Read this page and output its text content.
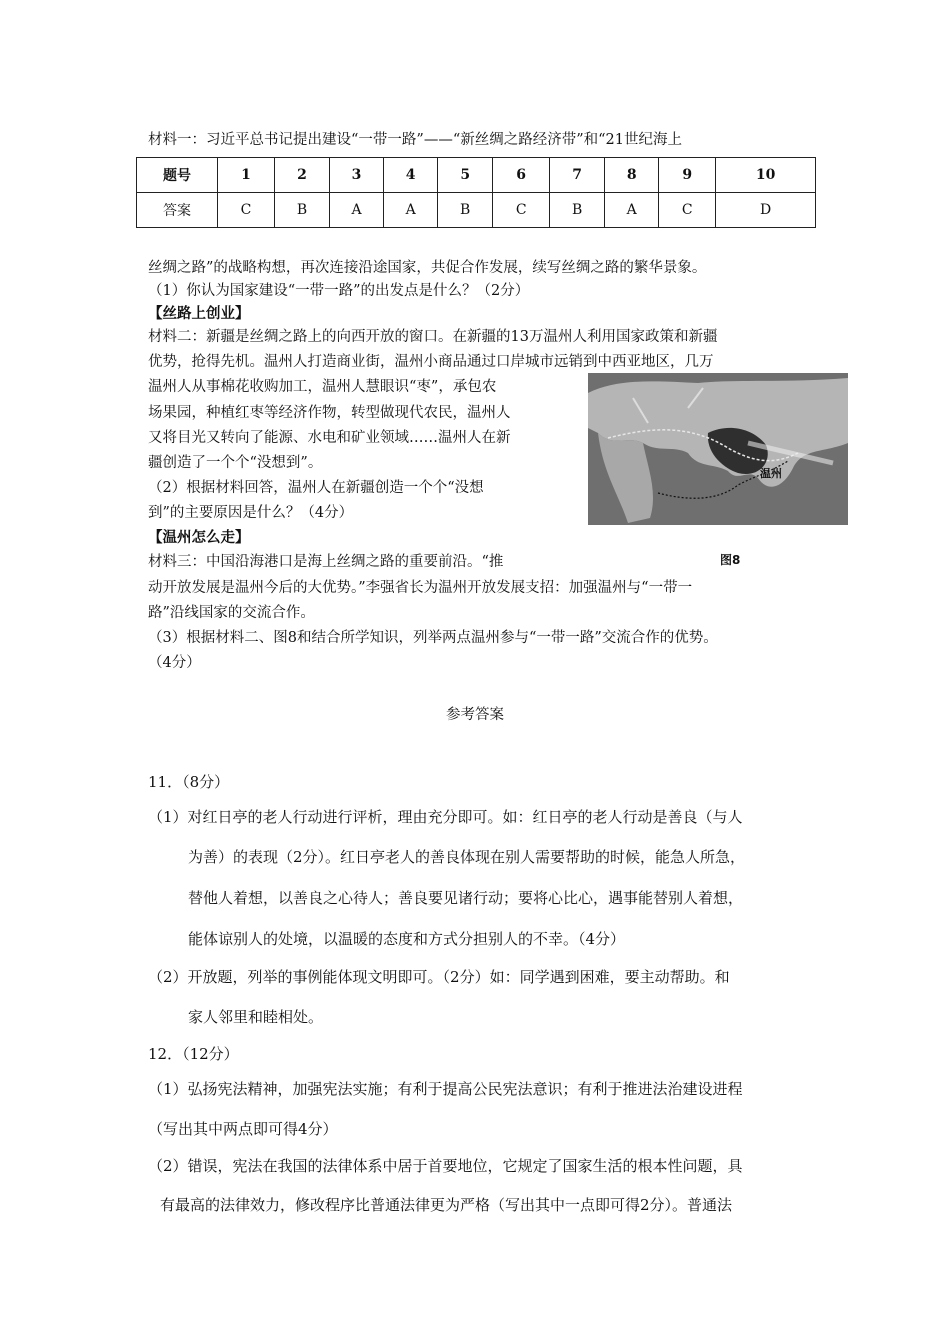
材料一：习近平总书记提出建设“一带一路”——“新丝绸之路经济带”和“21世纪海上
题号	1	2	3	4	5	6	7	8	9	10
答案	C	B	A	A	B	C	B	A	C	D
丝绸之路”的战略构想，再次连接沿途国家，共促合作发展，续写丝绸之路的繁华景象。
（1）你认为国家建设“一带一路”的出发点是什么？（2分）
【丝路上创业】
材料二：新疆是丝绸之路上的向西开放的窗口。在新疆的13万温州人利用国家政策和新疆
优势，抢得先机。温州人打造商业街，温州小商品通过口岸城市远销到中西亚地区，几万
温州人从事棉花收购加工，温州人慧眼识“枣”，承包农
场果园，种植红枣等经济作物，转型做现代农民，温州人
又将目光又转向了能源、水电和矿业领域……温州人在新
疆创造了一个个“没想到”。
（2）根据材料回答，温州人在新疆创造一个个“没想
到”的主要原因是什么？（4分）
【温州怎么走】
材料三：中国沿海港口是海上丝绸之路的重要前沿。“推
动开放发展是温州今后的大优势。”李强省长为温州开放发展支招：加强温州与“一带一
路”沿线国家的交流合作。
（3）根据材料二、图8和结合所学知识，列举两点温州参与“一带一路”交流合作的优势。
（4分）
温州
图8
参考答案
11．（8分）
（1）对红日亭的老人行动进行评析，理由充分即可。如：红日亭的老人行动是善良（与人
为善）的表现（2分）。红日亭老人的善良体现在别人需要帮助的时候，能急人所急，
替他人着想，以善良之心待人；善良要见诸行动；要将心比心，遇事能替别人着想，
能体谅别人的处境，以温暖的态度和方式分担别人的不幸。（4分）
（2）开放题，列举的事例能体现文明即可。（2分）如：同学遇到困难，要主动帮助。和
家人邻里和睦相处。
12．（12分）
（1）弘扬宪法精神，加强宪法实施；有利于提高公民宪法意识；有利于推进法治建设进程
（写出其中两点即可得4分）
（2）错误，宪法在我国的法律体系中居于首要地位，它规定了国家生活的根本性问题，具
有最高的法律效力，修改程序比普通法律更为严格（写出其中一点即可得2分）。普通法
